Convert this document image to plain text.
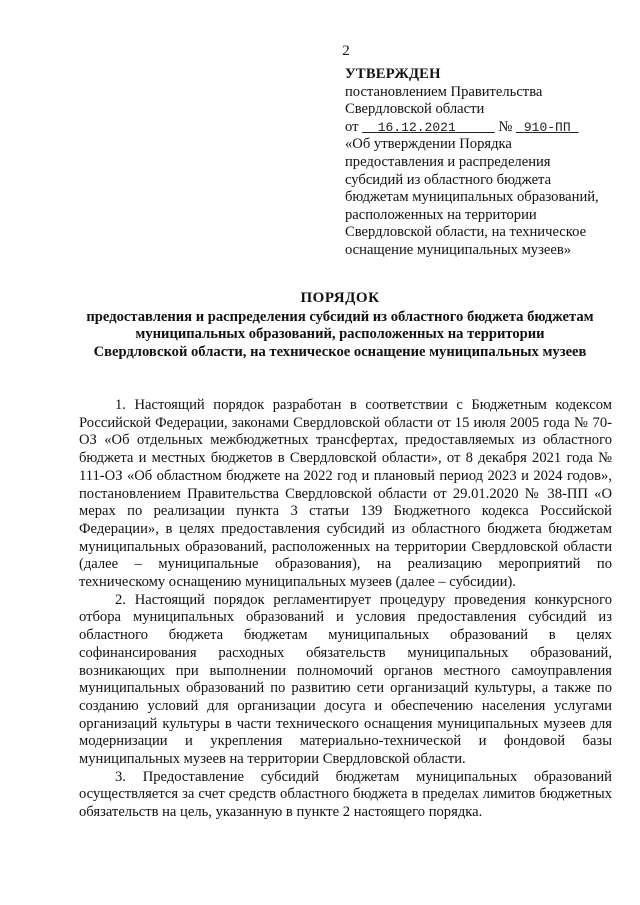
2
УТВЕРЖДЕН
постановлением Правительства
Свердловской области
от 16.12.2021	№ 910-ПП
«Об утверждении Порядка
предоставления и распределения
субсидий из областного бюджета
бюджетам муниципальных образований,
расположенных на территории
Свердловской области, на техническое
оснащение муниципальных музеев»
ПОРЯДОК
предоставления и распределения субсидий из областного бюджета бюджетам
муниципальных образований, расположенных на территории
Свердловской области, на техническое оснащение муниципальных музеев

1. Настоящий порядок разработан в соответствии с Бюджетным кодексом Российской Федерации, законами Свердловской области от 15 июля 2005 года № 70-ОЗ «Об отдельных межбюджетных трансфертах, предоставляемых из областного бюджета и местных бюджетов в Свердловской области», от 8 декабря 2021 года № 111-ОЗ «Об областном бюджете на 2022 год и плановый период 2023 и 2024 годов», постановлением Правительства Свердловской области от 29.01.2020 № 38-ПП «О мерах по реализации пункта 3 статьи 139 Бюджетного кодекса Российской Федерации», в целях предоставления субсидий из областного бюджета бюджетам муниципальных образований, расположенных на территории Свердловской области (далее – муниципальные образования), на реализацию мероприятий по техническому оснащению муниципальных музеев (далее – субсидии).

2. Настоящий порядок регламентирует процедуру проведения конкурсного отбора муниципальных образований и условия предоставления субсидий из областного бюджета бюджетам муниципальных образований в целях софинансирования расходных обязательств муниципальных образований, возникающих при выполнении полномочий органов местного самоуправления муниципальных образований по развитию сети организаций культуры, а также по созданию условий для организации досуга и обеспечению населения услугами организаций культуры в части технического оснащения муниципальных музеев для модернизации и укрепления материально-технической и фондовой базы муниципальных музеев на территории Свердловской области.

3. Предоставление субсидий бюджетам муниципальных образований осуществляется за счет средств областного бюджета в пределах лимитов бюджетных обязательств на цель, указанную в пункте 2 настоящего порядка.
